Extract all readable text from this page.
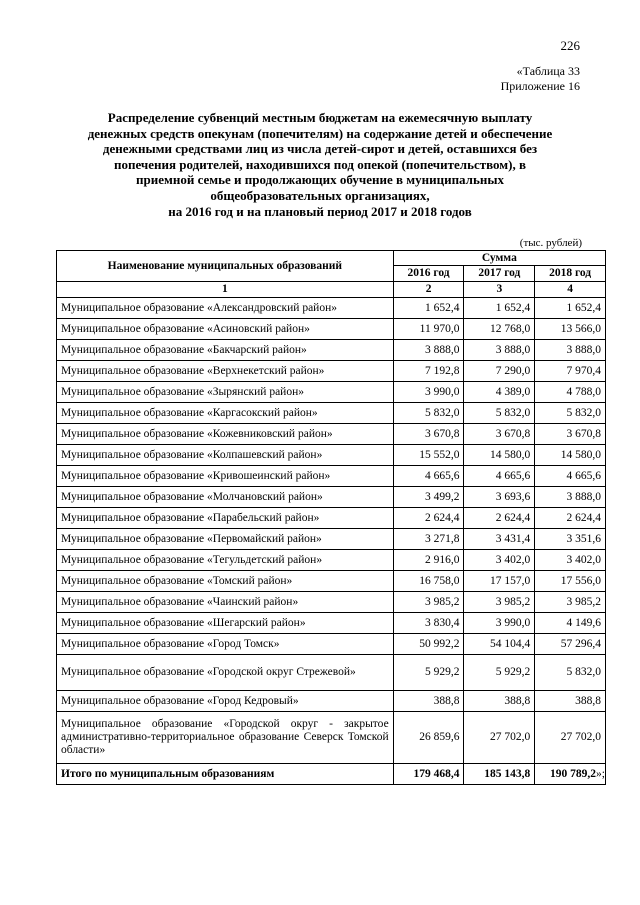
226
«Таблица 33
Приложение 16
Распределение субвенций местным бюджетам на ежемесячную выплату
денежных средств опекунам (попечителям) на содержание детей и обеспечение
денежными средствами лиц из числа детей-сирот и детей, оставшихся без
попечения родителей, находившихся под опекой (попечительством), в
приемной семье и продолжающих обучение в муниципальных
общеобразовательных организациях,
на 2016 год и на плановый период 2017 и 2018 годов
(тыс. рублей)
Наименование муниципальных образований	Сумма		
	2016 год	2017 год	2018 год
1	2	3	4
Муниципальное образование «Александровский район»	1 652,4	1 652,4	1 652,4
Муниципальное образование «Асиновский район»	11 970,0	12 768,0	13 566,0
Муниципальное образование «Бакчарский район»	3 888,0	3 888,0	3 888,0
Муниципальное образование «Верхнекетский район»	7 192,8	7 290,0	7 970,4
Муниципальное образование «Зырянский район»	3 990,0	4 389,0	4 788,0
Муниципальное образование «Каргасокский район»	5 832,0	5 832,0	5 832,0
Муниципальное образование «Кожевниковский район»	3 670,8	3 670,8	3 670,8
Муниципальное образование «Колпашевский район»	15 552,0	14 580,0	14 580,0
Муниципальное образование «Кривошеинский район»	4 665,6	4 665,6	4 665,6
Муниципальное образование «Молчановский район»	3 499,2	3 693,6	3 888,0
Муниципальное образование «Парабельский район»	2 624,4	2 624,4	2 624,4
Муниципальное образование «Первомайский район»	3 271,8	3 431,4	3 351,6
Муниципальное образование «Тегульдетский район»	2 916,0	3 402,0	3 402,0
Муниципальное образование «Томский район»	16 758,0	17 157,0	17 556,0
Муниципальное образование «Чаинский район»	3 985,2	3 985,2	3 985,2
Муниципальное образование «Шегарский район»	3 830,4	3 990,0	4 149,6
Муниципальное образование «Город Томск»	50 992,2	54 104,4	57 296,4
Муниципальное образование «Городской округ Стрежевой»	5 929,2	5 929,2	5 832,0
Муниципальное образование «Город Кедровый»	388,8	388,8	388,8
Муниципальное образование «Городской округ - закрытое административно-территориальное образование Северск Томской области»	26 859,6	27 702,0	27 702,0
Итого по муниципальным образованиям	179 468,4	185 143,8	190 789,2»;
